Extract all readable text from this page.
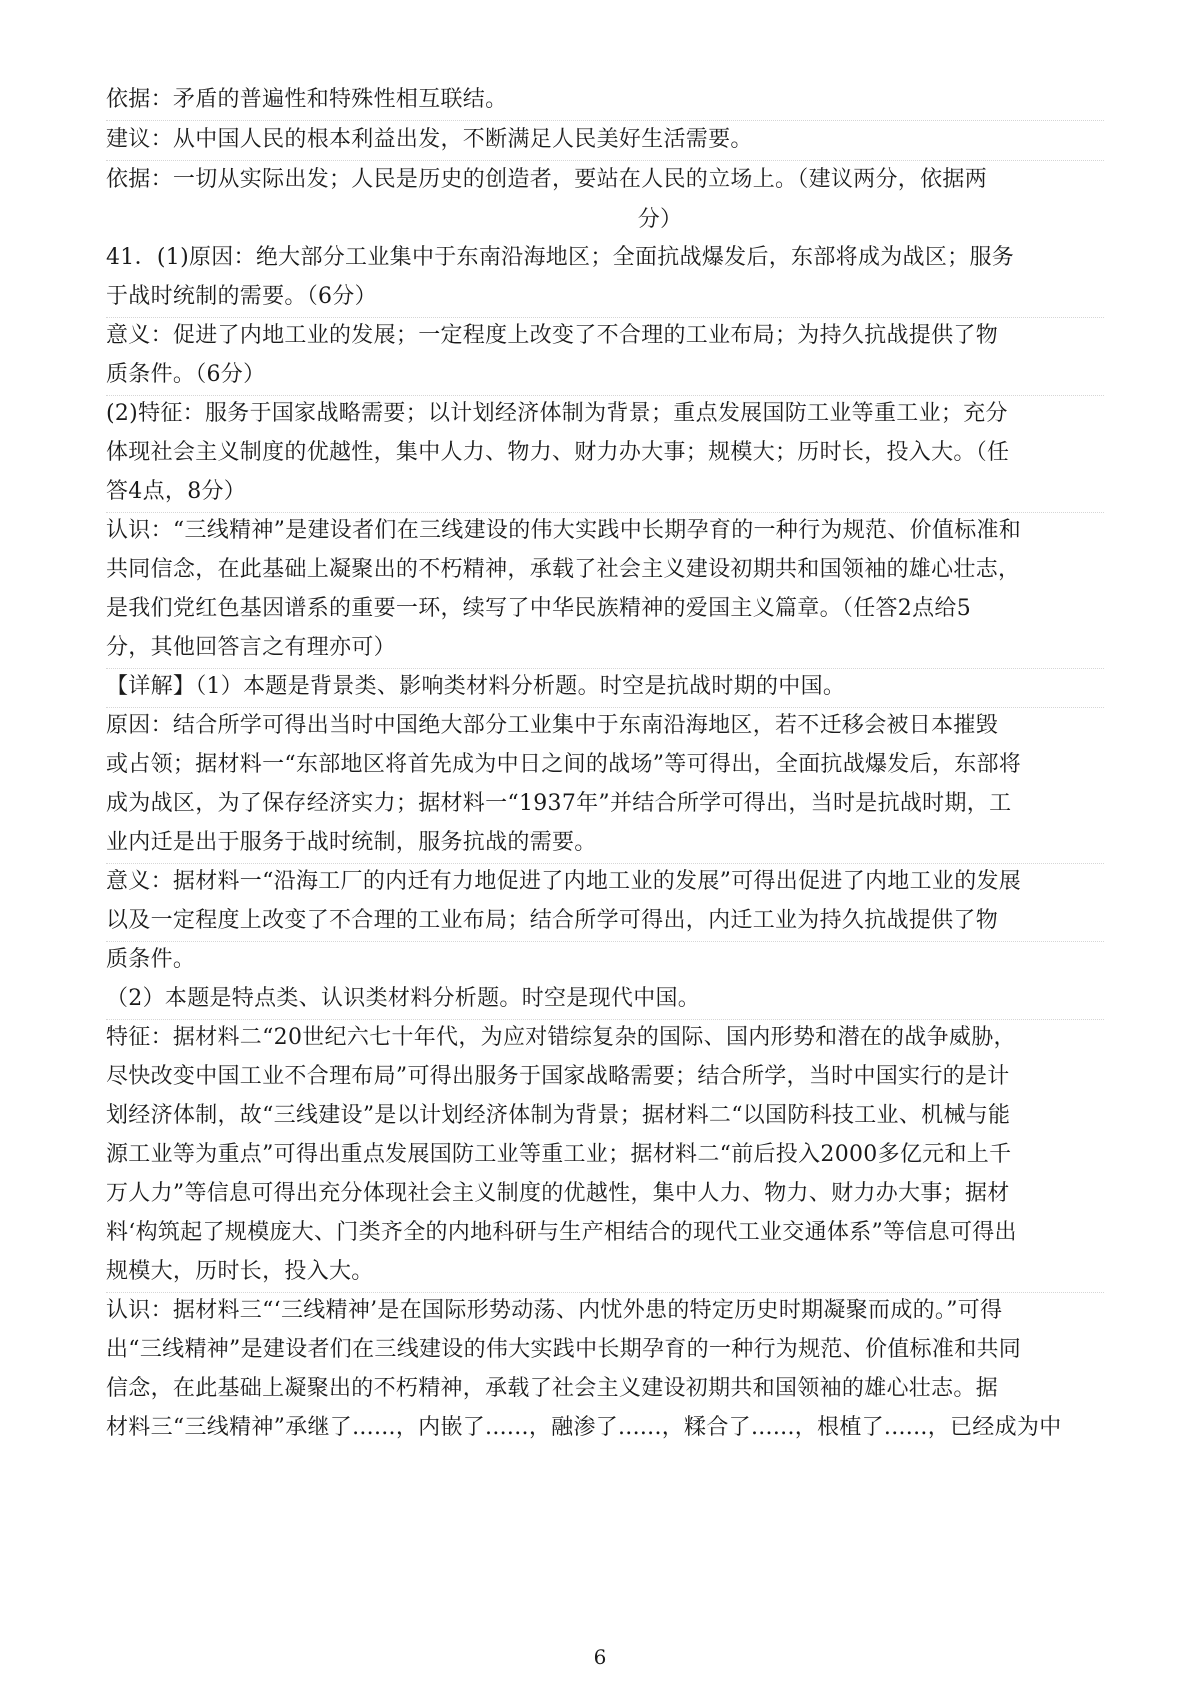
依据：矛盾的普遍性和特殊性相互联结。
建议：从中国人民的根本利益出发，不断满足人民美好生活需要。
依据：一切从实际出发；人民是历史的创造者，要站在人民的立场上。（建议两分，依据两
分）
41．(1)原因：绝大部分工业集中于东南沿海地区；全面抗战爆发后，东部将成为战区；服务
于战时统制的需要。（6分）
意义：促进了内地工业的发展；一定程度上改变了不合理的工业布局；为持久抗战提供了物
质条件。（6分）
(2)特征：服务于国家战略需要；以计划经济体制为背景；重点发展国防工业等重工业；充分
体现社会主义制度的优越性，集中人力、物力、财力办大事；规模大；历时长，投入大。（任
答4点，8分）
认识：“三线精神”是建设者们在三线建设的伟大实践中长期孕育的一种行为规范、价值标准和
共同信念，在此基础上凝聚出的不朽精神，承载了社会主义建设初期共和国领袖的雄心壮志，
是我们党红色基因谱系的重要一环，续写了中华民族精神的爱国主义篇章。（任答2点给5
分，其他回答言之有理亦可）
【详解】（1）本题是背景类、影响类材料分析题。时空是抗战时期的中国。
原因：结合所学可得出当时中国绝大部分工业集中于东南沿海地区，若不迁移会被日本摧毁
或占领；据材料一“东部地区将首先成为中日之间的战场”等可得出，全面抗战爆发后，东部将
成为战区，为了保存经济实力；据材料一“1937年”并结合所学可得出，当时是抗战时期，工
业内迁是出于服务于战时统制，服务抗战的需要。
意义：据材料一“沿海工厂的内迁有力地促进了内地工业的发展”可得出促进了内地工业的发展
以及一定程度上改变了不合理的工业布局；结合所学可得出，内迁工业为持久抗战提供了物
质条件。
（2）本题是特点类、认识类材料分析题。时空是现代中国。
特征：据材料二“20世纪六七十年代，为应对错综复杂的国际、国内形势和潜在的战争威胁，
尽快改变中国工业不合理布局”可得出服务于国家战略需要；结合所学，当时中国实行的是计
划经济体制，故“三线建设”是以计划经济体制为背景；据材料二“以国防科技工业、机械与能
源工业等为重点”可得出重点发展国防工业等重工业；据材料二“前后投入2000多亿元和上千
万人力”等信息可得出充分体现社会主义制度的优越性，集中人力、物力、财力办大事；据材
料‘构筑起了规模庞大、门类齐全的内地科研与生产相结合的现代工业交通体系”等信息可得出
规模大，历时长，投入大。
认识：据材料三“‘三线精神’是在国际形势动荡、内忧外患的特定历史时期凝聚而成的。”可得
出“三线精神”是建设者们在三线建设的伟大实践中长期孕育的一种行为规范、价值标准和共同
信念，在此基础上凝聚出的不朽精神，承载了社会主义建设初期共和国领袖的雄心壮志。据
材料三“三线精神”承继了......，内嵌了......，融渗了......，糅合了......，根植了......，已经成为中
6
